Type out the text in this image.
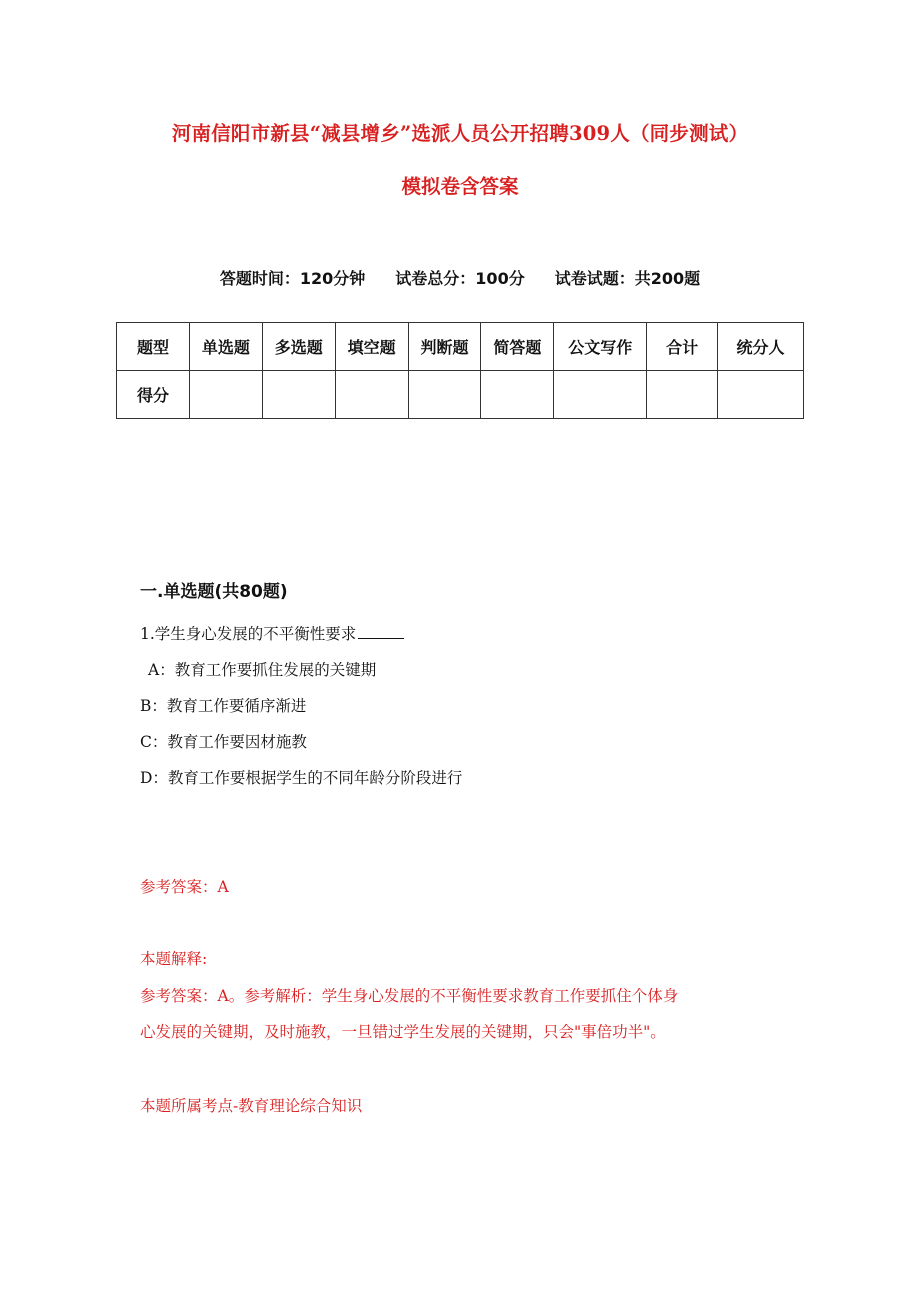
河南信阳市新县“减县增乡”选派人员公开招聘309人（同步测试）
模拟卷含答案
答题时间：120分钟 试卷总分：100分 试卷试题：共200题
题型	单选题	多选题	填空题	判断题	简答题	公文写作	合计	统分人
得分								
一.单选题(共80题)
1.学生身心发展的不平衡性要求
A：教育工作要抓住发展的关键期
B：教育工作要循序渐进
C：教育工作要因材施教
D：教育工作要根据学生的不同年龄分阶段进行
参考答案：A
本题解释:
参考答案：A。参考解析：学生身心发展的不平衡性要求教育工作要抓住个体身
心发展的关键期，及时施教，一旦错过学生发展的关键期，只会"事倍功半"。
本题所属考点-教育理论综合知识
